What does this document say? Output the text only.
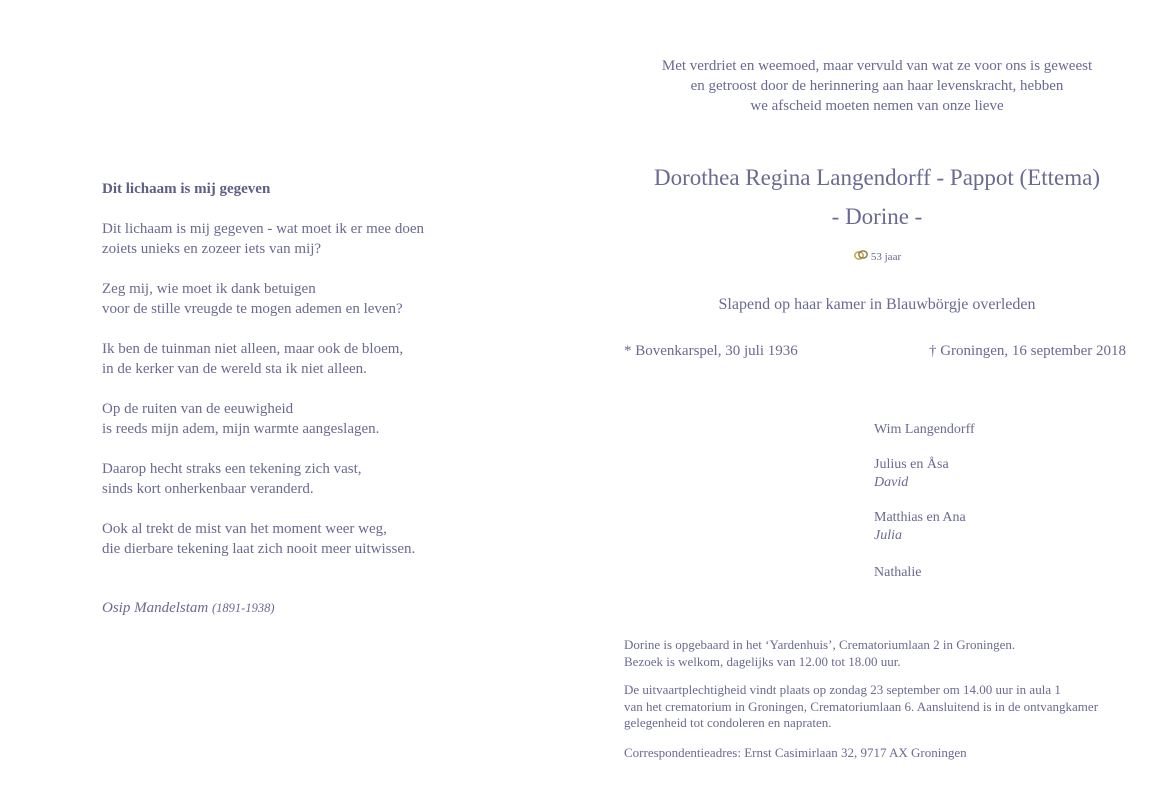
Dit lichaam is mij gegeven
Dit lichaam is mij gegeven - wat moet ik er mee doen
zoiets unieks en zozeer iets van mij?
Zeg mij, wie moet ik dank betuigen
voor de stille vreugde te mogen ademen en leven?
Ik ben de tuinman niet alleen, maar ook de bloem,
in de kerker van de wereld sta ik niet alleen.
Op de ruiten van de eeuwigheid
is reeds mijn adem, mijn warmte aangeslagen.
Daarop hecht straks een tekening zich vast,
sinds kort onherkenbaar veranderd.
Ook al trekt de mist van het moment weer weg,
die dierbare tekening laat zich nooit meer uitwissen.
Osip Mandelstam (1891-1938)
Met verdriet en weemoed, maar vervuld van wat ze voor ons is geweest
en getroost door de herinnering aan haar levenskracht, hebben
we afscheid moeten nemen van onze lieve
Dorothea Regina Langendorff - Pappot (Ettema)
- Dorine -
53 jaar
Slapend op haar kamer in Blauwbörgje overleden
* Bovenkarspel, 30 juli 1936	† Groningen, 16 september 2018
Wim Langendorff
Julius en Åsa
David
Matthias en Ana
Julia
Nathalie
Dorine is opgebaard in het ‘Yardenhuis’, Crematoriumlaan 2 in Groningen.
Bezoek is welkom, dagelijks van 12.00 tot 18.00 uur.
De uitvaartplechtigheid vindt plaats op zondag 23 september om 14.00 uur in aula 1
van het crematorium in Groningen, Crematoriumlaan 6. Aansluitend is in de ontvangkamer
gelegenheid tot condoleren en napraten.
Correspondentieadres: Ernst Casimirlaan 32, 9717 AX Groningen
